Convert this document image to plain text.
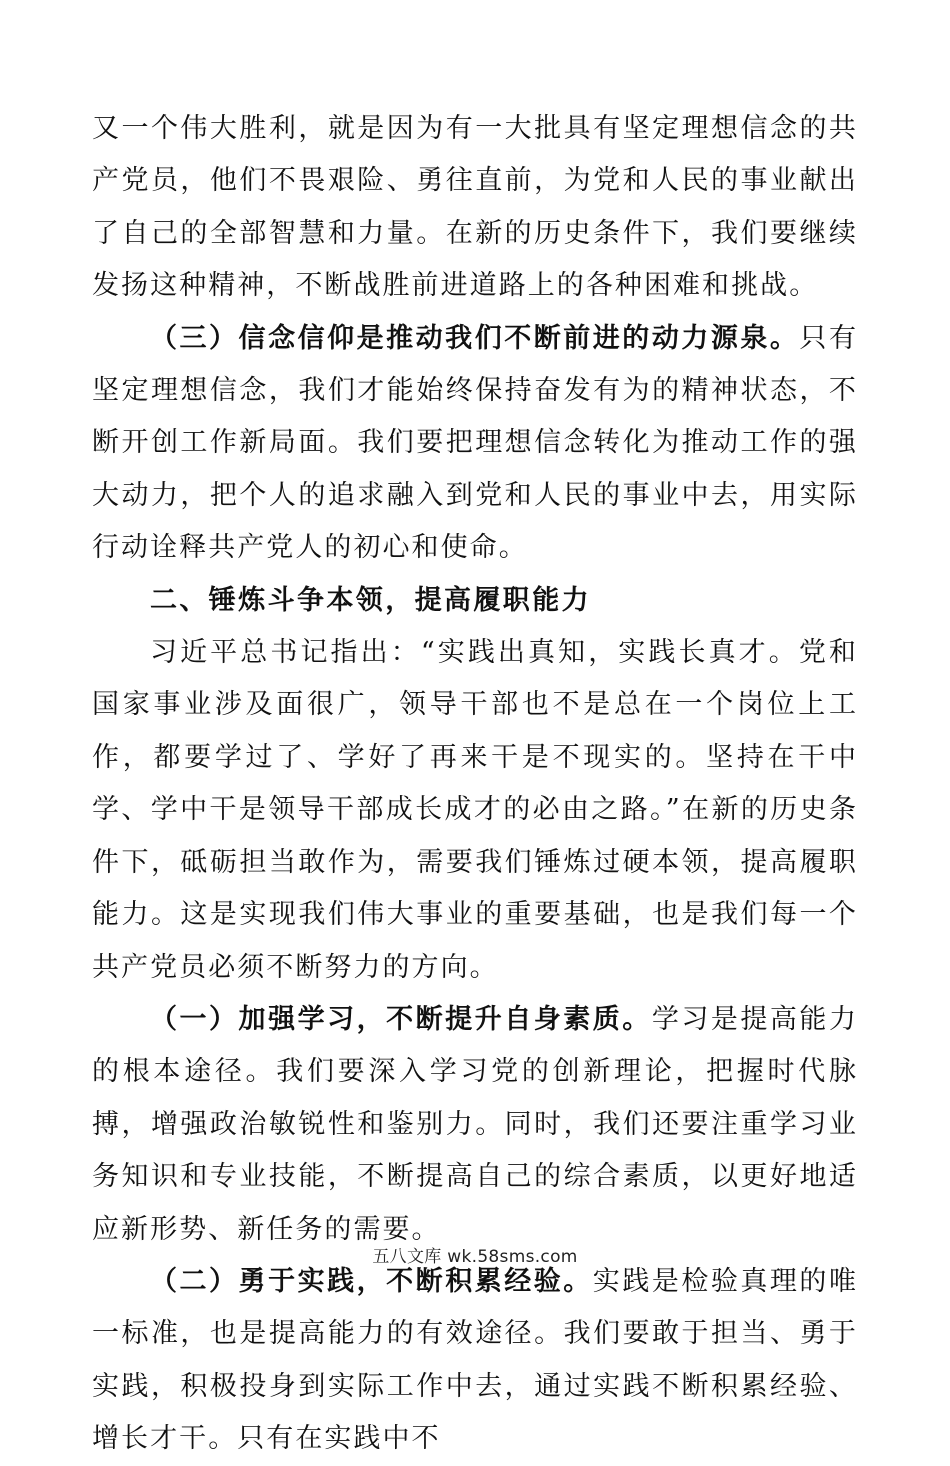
又一个伟大胜利，就是因为有一大批具有坚定理想信念的共产党员，他们不畏艰险、勇往直前，为党和人民的事业献出了自己的全部智慧和力量。在新的历史条件下，我们要继续发扬这种精神，不断战胜前进道路上的各种困难和挑战。

（三）信念信仰是推动我们不断前进的动力源泉。只有坚定理想信念，我们才能始终保持奋发有为的精神状态，不断开创工作新局面。我们要把理想信念转化为推动工作的强大动力，把个人的追求融入到党和人民的事业中去，用实际行动诠释共产党人的初心和使命。

二、锤炼斗争本领，提高履职能力

习近平总书记指出：“实践出真知，实践长真才。党和国家事业涉及面很广，领导干部也不是总在一个岗位上工作，都要学过了、学好了再来干是不现实的。坚持在干中学、学中干是领导干部成长成才的必由之路。”在新的历史条件下，砥砺担当敢作为，需要我们锤炼过硬本领，提高履职能力。这是实现我们伟大事业的重要基础，也是我们每一个共产党员必须不断努力的方向。

（一）加强学习，不断提升自身素质。学习是提高能力的根本途径。我们要深入学习党的创新理论，把握时代脉搏，增强政治敏锐性和鉴别力。同时，我们还要注重学习业务知识和专业技能，不断提高自己的综合素质，以更好地适应新形势、新任务的需要。

（二）勇于实践，不断积累经验。实践是检验真理的唯一标准，也是提高能力的有效途径。我们要敢于担当、勇于实践，积极投身到实际工作中去，通过实践不断积累经验、增长才干。只有在实践中不

五八文库 wk.58sms.com
